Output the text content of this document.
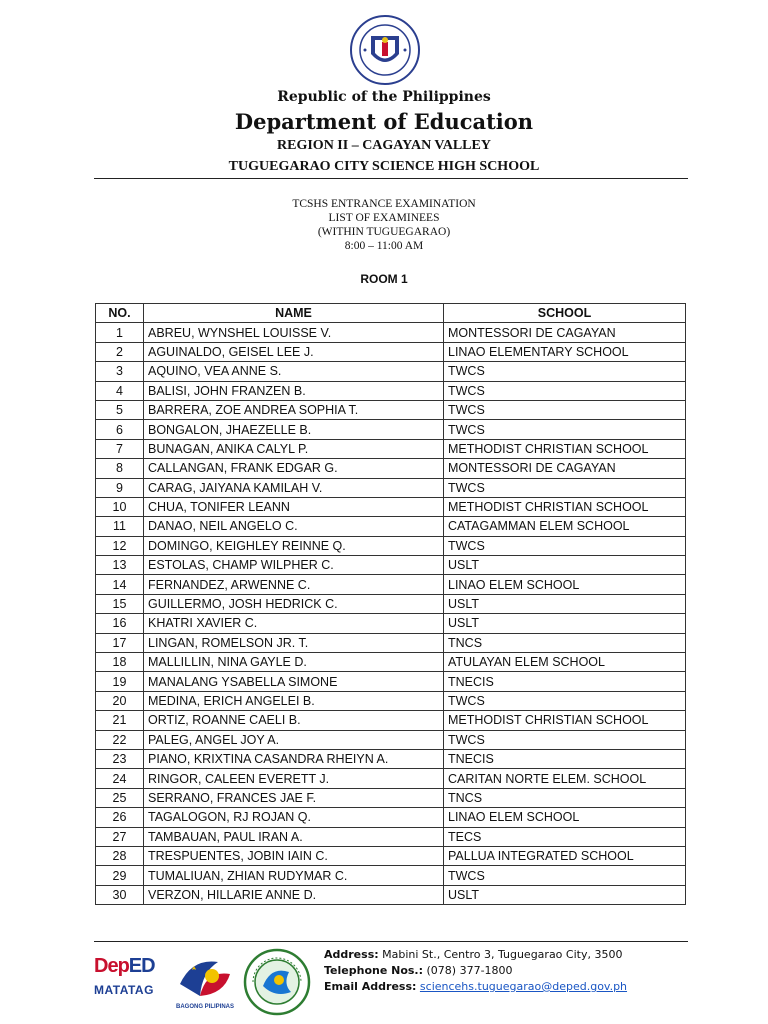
Republic of the Philippines
Department of Education
REGION II – CAGAYAN VALLEY
TUGUEGARAO CITY SCIENCE HIGH SCHOOL
TCSHS ENTRANCE EXAMINATION
LIST OF EXAMINEES
(WITHIN TUGUEGARAO)
8:00 – 11:00 AM
ROOM 1
NO.	NAME	SCHOOL
1	ABREU, WYNSHEL LOUISSE V.	MONTESSORI DE CAGAYAN
2	AGUINALDO, GEISEL LEE J.	LINAO ELEMENTARY SCHOOL
3	AQUINO, VEA ANNE S.	TWCS
4	BALISI, JOHN FRANZEN B.	TWCS
5	BARRERA, ZOE ANDREA SOPHIA T.	TWCS
6	BONGALON, JHAEZELLE B.	TWCS
7	BUNAGAN, ANIKA CALYL P.	METHODIST CHRISTIAN SCHOOL
8	CALLANGAN, FRANK EDGAR G.	MONTESSORI DE CAGAYAN
9	CARAG, JAIYANA KAMILAH V.	TWCS
10	CHUA, TONIFER LEANN	METHODIST CHRISTIAN SCHOOL
11	DANAO, NEIL ANGELO C.	CATAGAMMAN ELEM SCHOOL
12	DOMINGO, KEIGHLEY REINNE Q.	TWCS
13	ESTOLAS, CHAMP WILPHER C.	USLT
14	FERNANDEZ, ARWENNE C.	LINAO ELEM SCHOOL
15	GUILLERMO, JOSH HEDRICK C.	USLT
16	KHATRI XAVIER C.	USLT
17	LINGAN, ROMELSON JR. T.	TNCS
18	MALLILLIN, NINA GAYLE D.	ATULAYAN ELEM SCHOOL
19	MANALANG YSABELLA SIMONE	TNECIS
20	MEDINA, ERICH ANGELEI B.	TWCS
21	ORTIZ, ROANNE CAELI B.	METHODIST CHRISTIAN SCHOOL
22	PALEG, ANGEL JOY A.	TWCS
23	PIANO, KRIXTINA CASANDRA RHEIYN A.	TNECIS
24	RINGOR, CALEEN EVERETT J.	CARITAN NORTE ELEM. SCHOOL
25	SERRANO, FRANCES JAE F.	TNCS
26	TAGALOGON, RJ ROJAN Q.	LINAO ELEM SCHOOL
27	TAMBAUAN, PAUL IRAN A.	TECS
28	TRESPUENTES, JOBIN IAIN C.	PALLUA INTEGRATED SCHOOL
29	TUMALIUAN, ZHIAN RUDYMAR C.	TWCS
30	VERZON, HILLARIE ANNE D.	USLT
DepED
MATATAG
BAGONG PILIPINAS
Address: Mabini St., Centro 3, Tuguegarao City, 3500
Telephone Nos.: (078) 377-1800
Email Address: sciencehs.tuguegarao@deped.gov.ph
